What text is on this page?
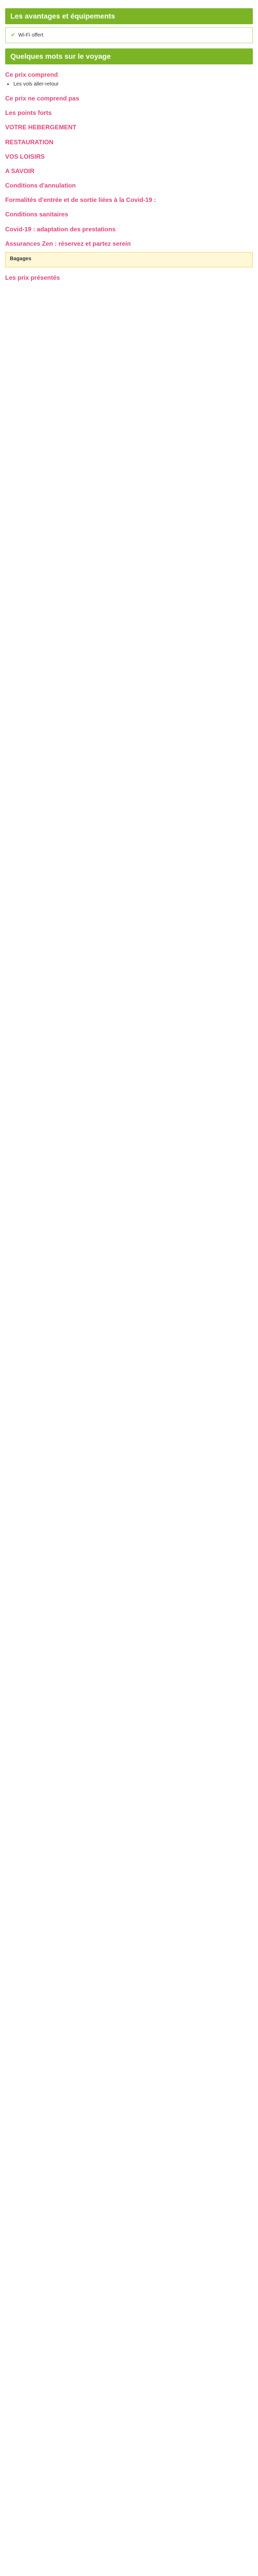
Les avantages et équipements
✔ Wi-Fi offert
Quelques mots sur le voyage
Ce prix comprend
• Les vols aller-retour
Ce prix ne comprend pas
Les points forts
VOTRE HEBERGEMENT
RESTAURATION
VOS LOISIRS
A SAVOIR
Conditions d'annulation
Formalités d'entrée et de sortie liées à la Covid-19 :
Conditions sanitaires
Covid-19 : adaptation des prestations
Assurances Zen : réservez et partez serein
Bagages
Les prix présentés
